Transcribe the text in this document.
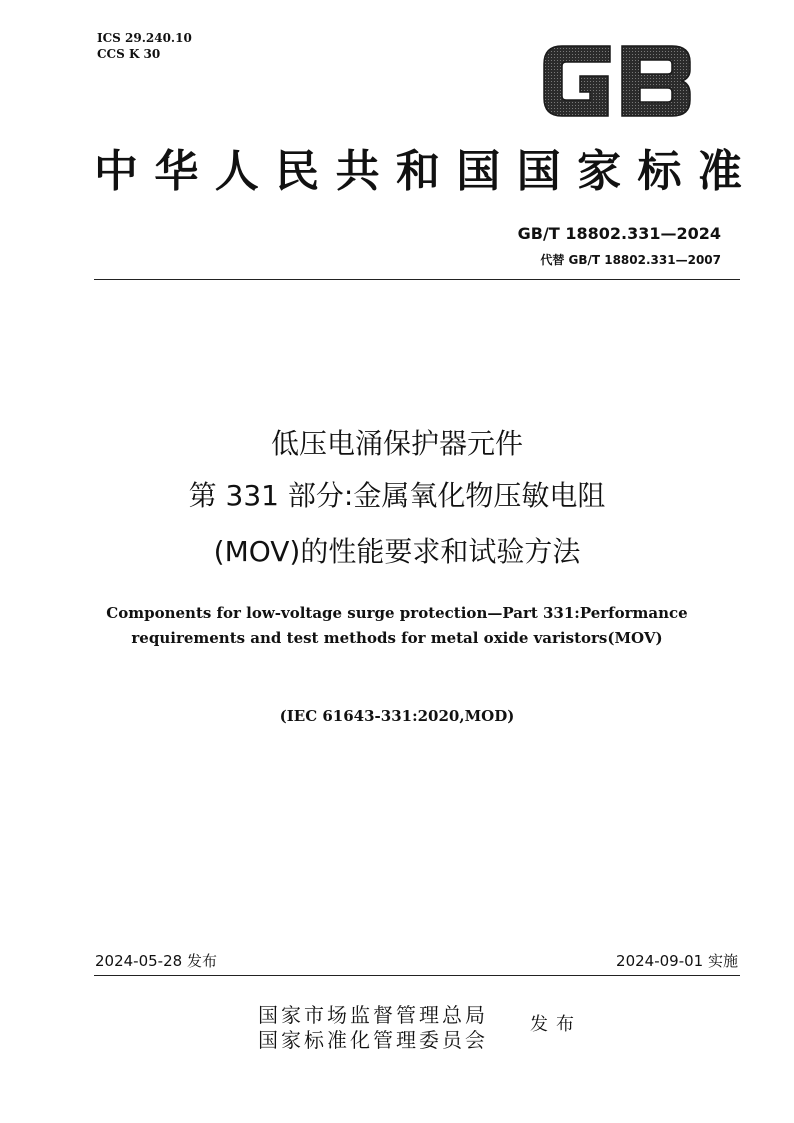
ICS 29.240.10
CCS K 30
中 华 人 民 共 和 国 国 家 标 准
GB/T 18802.331—2024
代替 GB/T 18802.331—2007
低压电涌保护器元件
第 331 部分:金属氧化物压敏电阻
(MOV)的性能要求和试验方法
Components for low-voltage surge protection—Part 331:Performance
requirements and test methods for metal oxide varistors(MOV)
(IEC 61643-331:2020,MOD)
2024-05-28 发布	2024-09-01 实施
国家市场监督管理总局
国家标准化管理委员会
发布
